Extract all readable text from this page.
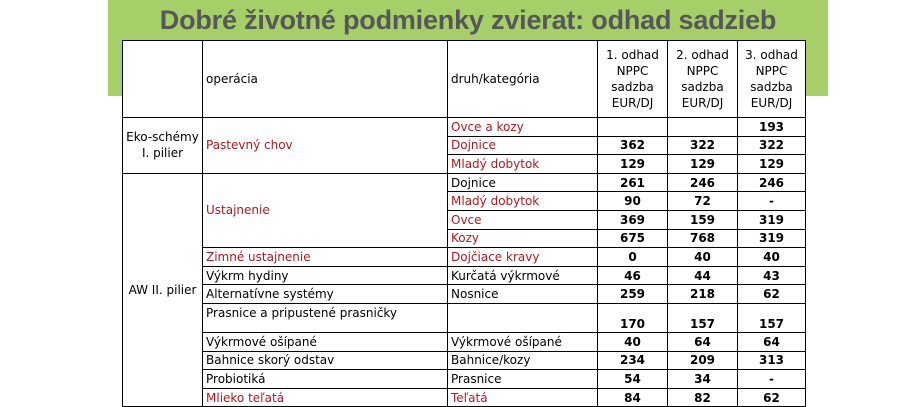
Dobré životné podmienky zvierat: odhad sadzieb
	operácia	druh/kategória	1. odhad NPPC sadzba EUR/DJ	2. odhad NPPC sadzba EUR/DJ	3. odhad NPPC sadzba EUR/DJ
Eko-schémy I. pilier	Pastevný chov	Ovce a kozy			193
		Dojnice	362	322	322
		Mladý dobytok	129	129	129
AW II. pilier	Ustajnenie	Dojnice	261	246	246
		Mladý dobytok	90	72	-
		Ovce	369	159	319
		Kozy	675	768	319
	Zimné ustajnenie	Dojčiace kravy	0	40	40
	Výkrm hydiny	Kurčatá výkrmové	46	44	43
	Alternatívne systémy	Nosnice	259	218	62
	Prasnice a pripustené prasničky		170	157	157
	Výkrmové ošípané	Výkrmové ošípané	40	64	64
	Bahnice skorý odstav	Bahnice/kozy	234	209	313
	Probiotiká	Prasnice	54	34	-
	Mlieko teľatá	Teľatá	84	82	62
